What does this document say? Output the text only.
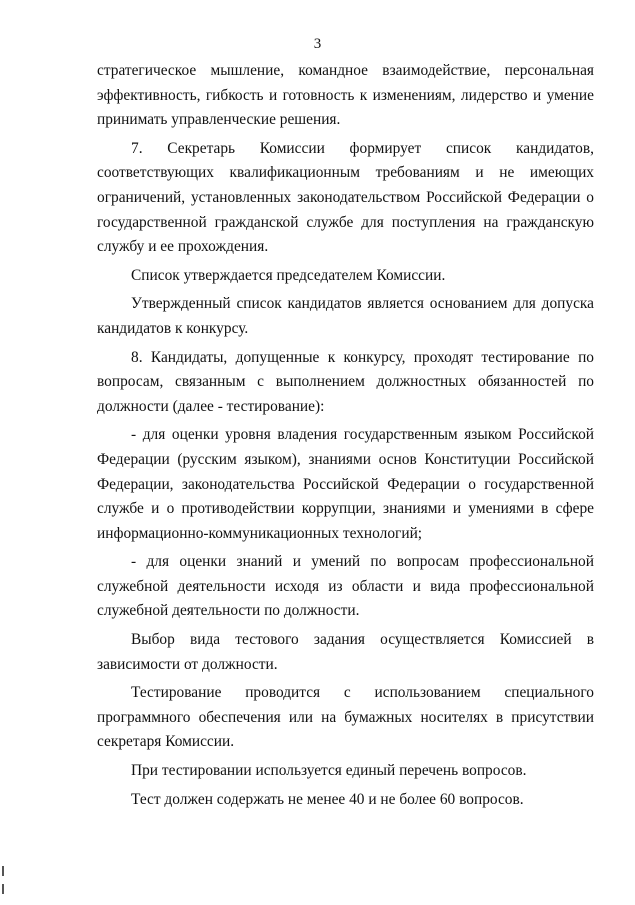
3

стратегическое мышление, командное взаимодействие, персональная эффективность, гибкость и готовность к изменениям, лидерство и умение принимать управленческие решения.

7. Секретарь Комиссии формирует список кандидатов, соответствующих квалификационным требованиям и не имеющих ограничений, установленных законодательством Российской Федерации о государственной гражданской службе для поступления на гражданскую службу и ее прохождения.

Список утверждается председателем Комиссии.

Утвержденный список кандидатов является основанием для допуска кандидатов к конкурсу.

8. Кандидаты, допущенные к конкурсу, проходят тестирование по вопросам, связанным с выполнением должностных обязанностей по должности (далее - тестирование):

- для оценки уровня владения государственным языком Российской Федерации (русским языком), знаниями основ Конституции Российской Федерации, законодательства Российской Федерации о государственной службе и о противодействии коррупции, знаниями и умениями в сфере информационно-коммуникационных технологий;

- для оценки знаний и умений по вопросам профессиональной служебной деятельности исходя из области и вида профессиональной служебной деятельности по должности.

Выбор вида тестового задания осуществляется Комиссией в зависимости от должности.

Тестирование проводится с использованием специального программного обеспечения или на бумажных носителях в присутствии секретаря Комиссии.

При тестировании используется единый перечень вопросов.

Тест должен содержать не менее 40 и не более 60 вопросов.
